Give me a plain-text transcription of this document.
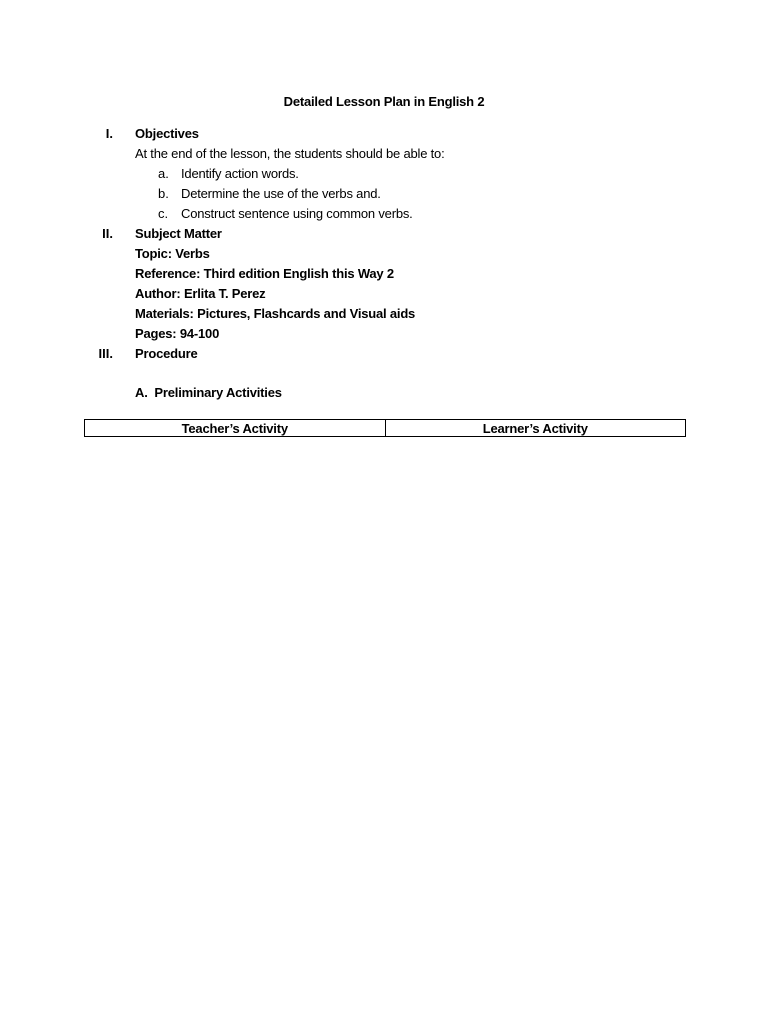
Detailed Lesson Plan in English 2
I. Objectives
At the end of the lesson, the students should be able to:
a. Identify action words.
b. Determine the use of the verbs and.
c. Construct sentence using common verbs.
II. Subject Matter
Topic: Verbs
Reference: Third edition English this Way 2
Author: Erlita T. Perez
Materials: Pictures, Flashcards and Visual aids
Pages: 94-100
III. Procedure
A.  Preliminary Activities
Teacher’s Activity	Learner’s Activity
